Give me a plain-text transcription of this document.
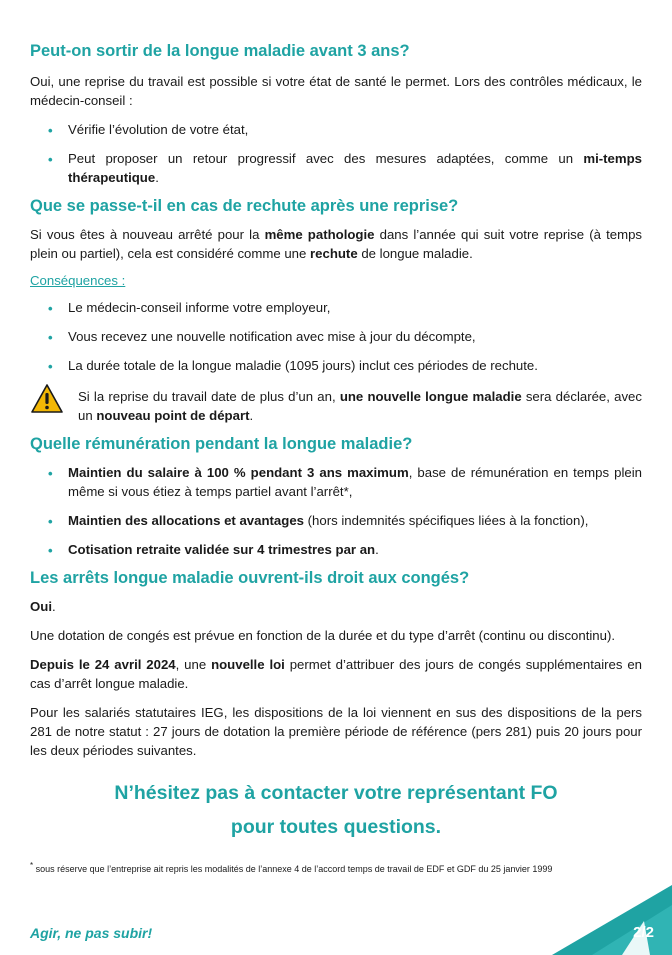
Peut-on sortir de la longue maladie avant 3 ans?

Oui, une reprise du travail est possible si votre état de santé le permet. Lors des contrôles médicaux, le médecin-conseil :

• Vérifie l’évolution de votre état,
• Peut proposer un retour progressif avec des mesures adaptées, comme un mi-temps thérapeutique.
Que se passe-t-il en cas de rechute après une reprise?

Si vous êtes à nouveau arrêté pour la même pathologie dans l’année qui suit votre reprise (à temps plein ou partiel), cela est considéré comme une rechute de longue maladie.

Conséquences :
• Le médecin-conseil informe votre employeur,
• Vous recevez une nouvelle notification avec mise à jour du décompte,
• La durée totale de la longue maladie (1095 jours) inclut ces périodes de rechute.

Si la reprise du travail date de plus d’un an, une nouvelle longue maladie sera déclarée, avec un nouveau point de départ.

Quelle rémunération pendant la longue maladie?
• Maintien du salaire à 100 % pendant 3 ans maximum, base de rémunération en temps plein même si vous étiez à temps partiel avant l’arrêt*,
• Maintien des allocations et avantages (hors indemnités spécifiques liées à la fonction),
• Cotisation retraite validée sur 4 trimestres par an.
Les arrêts longue maladie ouvrent-ils droit aux congés?

Oui.

Une dotation de congés est prévue en fonction de la durée et du type d’arrêt (continu ou discontinu).

Depuis le 24 avril 2024, une nouvelle loi permet d’attribuer des jours de congés supplémentaires en cas d’arrêt longue maladie.

Pour les salariés statutaires IEG, les dispositions de la loi viennent en sus des dispositions de la pers 281 de notre statut : 27 jours de dotation la première période de référence (pers 281) puis 20 jours pour les deux périodes suivantes.

N’hésitez pas à contacter votre représentant FO
pour toutes questions.
* sous réserve que l’entreprise ait repris les modalités de l’annexe 4 de l’accord temps de travail de EDF et GDF du 25 janvier 1999
Agir, ne pas subir!	2/2
